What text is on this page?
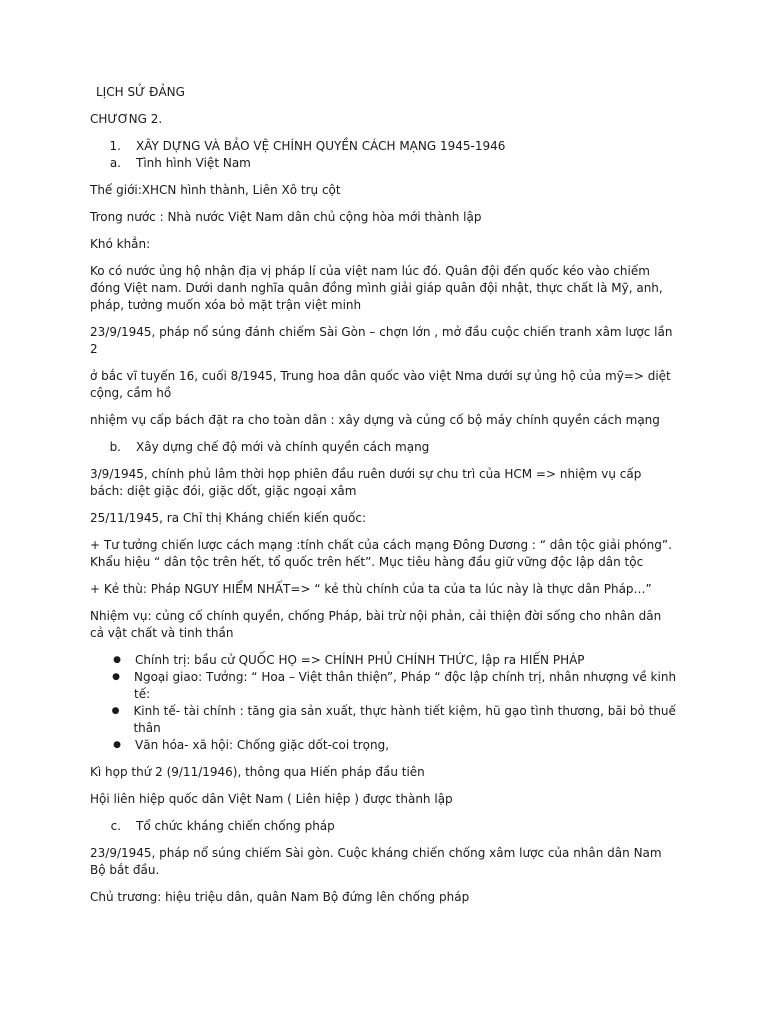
LỊCH SỬ ĐẢNG

CHƯƠNG 2.

1.	XÂY DỰNG VÀ BẢO VỆ CHÍNH QUYỀN CÁCH MẠNG 1945-1946
a.	Tình hình Việt Nam

Thế giới:XHCN hình thành, Liên Xô trụ cột

Trong nước : Nhà nước Việt Nam dân chủ cộng hòa mới thành lập

Khó khẳn:

Ko có nước ủng hộ nhận địa vị pháp lí của việt nam lúc đó. Quân đội đến quốc kéo vào chiếm đóng Việt nam. Dưới danh nghĩa quân đồng mình giải giáp quân đội nhật, thực chất là Mỹ, anh, pháp, tưởng muốn xóa bỏ mặt trận việt minh

23/9/1945, pháp nổ súng đánh chiếm Sài Gòn – chợn lớn , mở đầu cuộc chiến tranh xâm lược lần 2

ở bắc vĩ tuyến 16, cuối 8/1945, Trung hoa dân quốc vào việt Nma dưới sự ủng hộ của mỹ=> diệt cộng, cầm hồ

nhiệm vụ cấp bách đặt ra cho toàn dân : xây dựng và củng cố bộ máy chính quyền cách mạng

b.	Xây dựng chế độ mới và chính quyền cách mạng

3/9/1945, chính phủ lâm thời họp phiên đầu ruên dưới sự chu trì của HCM => nhiệm vụ cấp bách: diệt giặc đói, giặc dốt, giặc ngoại xâm

25/11/1945, ra Chỉ thị Kháng chiến kiến quốc:

+ Tư tưởng chiến lược cách mạng :tính chất của cách mạng Đông Dương : “ dân tộc giải phóng”. Khẩu hiệu “ dân tộc trên hết, tổ quốc trên hết”. Mục tiêu hàng đầu giữ vững độc lập dân tộc

+ Kẻ thù: Pháp NGUY HIỂM NHẤT=> “ kẻ thù chính của ta của ta lúc này là thực dân Pháp…”

Nhiệm vụ: củng cố chính quyền, chống Pháp, bài trừ nội phản, cải thiện đời sống cho nhân dân cả vật chất và tinh thần

●	Chính trị: bầu cử QUỐC HỌ => CHÍNH PHỦ CHÍNH THỨC, lập ra HIẾN PHÁP
●	Ngoại giao: Tưởng: “ Hoa – Việt thân thiện”, Pháp “ độc lập chính trị, nhân nhượng về kinh tế:
●	Kinh tế- tài chính : tăng gia sản xuất, thực hành tiết kiệm, hũ gạo tình thương, bãi bỏ thuế thân
●	Văn hóa- xã hội: Chống giặc dốt-coi trọng,

Kì họp thứ 2 (9/11/1946), thông qua Hiến pháp đầu tiên

Hội liên hiệp quốc dân Việt Nam ( Liên hiệp ) được thành lập

c.	Tổ chức kháng chiến chống pháp

23/9/1945, pháp nổ súng chiếm Sài gòn. Cuộc kháng chiến chống xâm lược của nhân dân Nam Bộ bắt đầu.

Chủ trương: hiệu triệu dân, quân Nam Bộ đứng lên chống pháp
